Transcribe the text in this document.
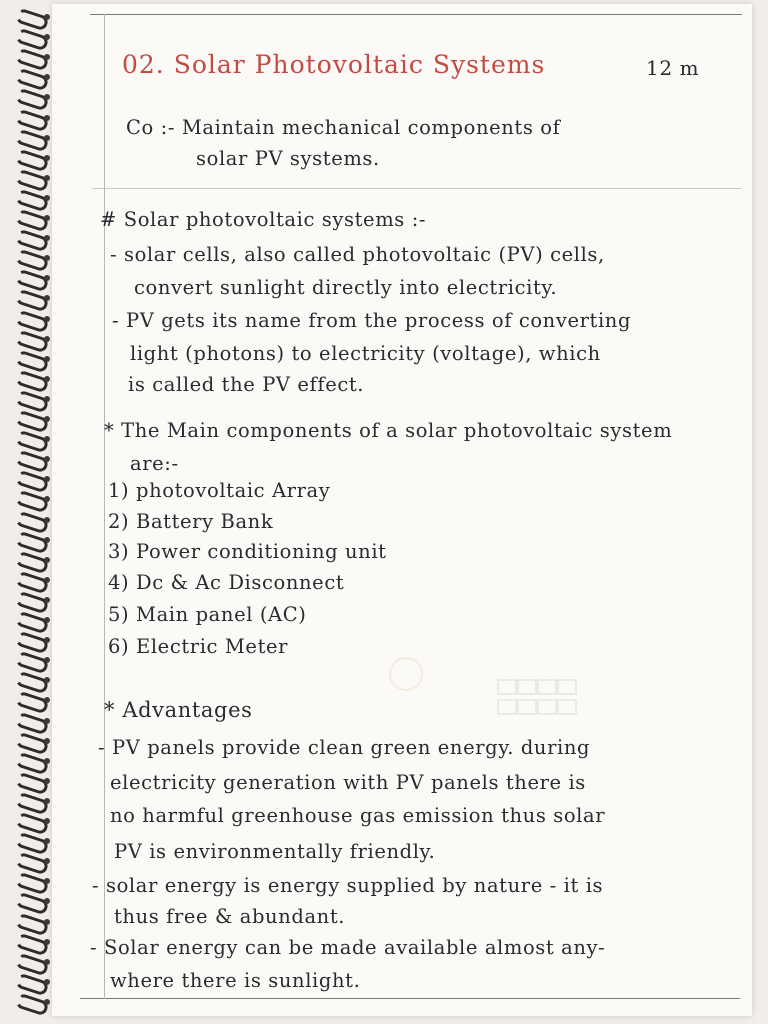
02. Solar Photovoltaic Systems	12 m
Co :- Maintain mechanical components of
solar PV systems.
# Solar photovoltaic systems :-
- solar cells, also called photovoltaic (PV) cells,
convert sunlight directly into electricity.
- PV gets its name from the process of converting
light (photons) to electricity (voltage), which
is called the PV effect.
* The Main components of a solar photovoltaic system
are:-
1) photovoltaic Array
2) Battery Bank
3) Power conditioning unit
4) Dc & Ac Disconnect
5) Main panel (AC)
6) Electric Meter
* Advantages
- PV panels provide clean green energy. during
electricity generation with PV panels there is
no harmful greenhouse gas emission thus solar
PV is environmentally friendly.
- solar energy is energy supplied by nature - it is
thus free & abundant.
- Solar energy can be made available almost any-
where there is sunlight.
